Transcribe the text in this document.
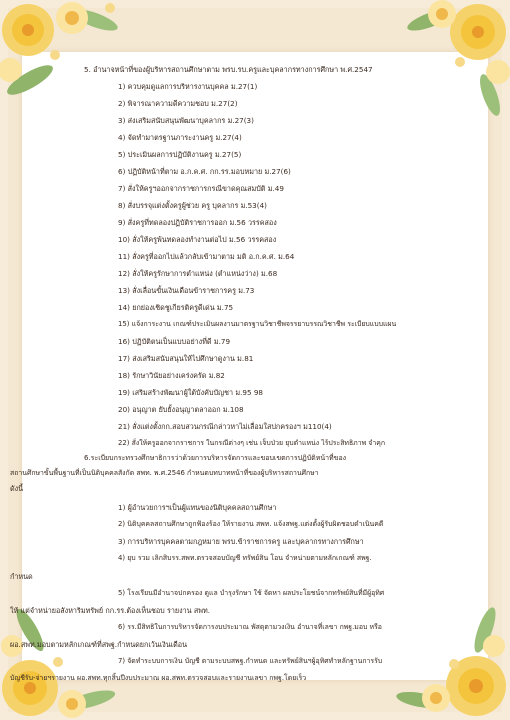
5. อำนาจหน้าที่ของผู้บริหารสถานศึกษาตาม พรบ.รบ.ครูและบุคลากรทางการศึกษา พ.ศ.2547
1) ควบคุมดูแลการบริหารงานบุคคล ม.27(1)
2) พิจารณาความดีความชอบ ม.27(2)
3) ส่งเสริมสนับสนุนพัฒนาบุคลากร ม.27(3)
4) จัดทำมาตรฐานภาระงานครู ม.27(4)
5) ประเมินผลการปฏิบัติงานครู ม.27(5)
6) ปฏิบัติหน้าที่ตาม อ.ก.ค.ศ. กก.รร.มอบหมาย ม.27(6)
7) สั่งให้ครูฯออกจากราชการกรณีขาดคุณสมบัติ ม.49
8) สั่งบรรจุแต่งตั้งครูผู้ช่วย ครู บุคลากร ม.53(4)
9) สั่งครูที่ทดลองปฏิบัติราชการออก ม.56 วรรคสอง
10) สั่งให้ครูพ้นทดลองทำงานต่อไป ม.56 วรรคสอง
11) สั่งครูที่ออกไปแล้วกลับเข้ามาตาม มติ อ.ก.ค.ศ. ม.64
12) สั่งให้ครูรักษาการตำแหน่ง (ตำแหน่งว่าง) ม.68
13) สั่งเลื่อนขั้นเงินเดือนข้าราชการครู ม.73
14) ยกย่องเชิดชูเกียรติครูดีเด่น ม.75
15) แจ้งการะงาน เกณฑ์ประเมินผลงานมาตรฐานวิชาชีพจรรยาบรรณวิชาชีพ ระเบียบแบบแผน
16) ปฏิบัติตนเป็นแบบอย่างที่ดี ม.79
17) ส่งเสริมสนับสนุนให้ไปศึกษาดูงาน ม.81
18) รักษาวินัยอย่างเคร่งครัด ม.82
19) เสริมสร้างพัฒนาผู้ใต้บังคับบัญชา ม.95 98
20) อนุญาต ยับยั้งอนุญาตลาออก ม.108
21) สั่งแต่งตั้งกก.สอบสวนกรณีกล่าวหาไม่เลื่อมใสปกครองฯ ม110(4)
22) สั่งให้ครูออกจากราชการ ในกรณีต่างๆ เช่น เจ็บป่วย ยุบตำแหน่ง ไร้ประสิทธิภาพ จำคุก
6.ระเบียบกระทรวงศึกษาธิการว่าด้วยการบริหารจัดการและขอบเขตการปฏิบัติหน้าที่ของ
สถานศึกษาขั้นพื้นฐานที่เป็นนิติบุคคลสังกัด สพท. พ.ศ.2546 กำหนดบทบาทหน้าที่ของผู้บริหารสถานศึกษา
ดังนี้
1) ผู้อำนวยการฯเป็นผู้แทนของนิติบุคคลสถานศึกษา
2) นิติบุคคลสถานศึกษาถูกฟ้องร้อง ให้รายงาน สพท. แจ้งสพฐ.แต่งตั้งผู้รับผิดชอบดำเนินคดี
3) การบริหารบุคคลตามกฎหมาย พรบ.ข้าราชการครู และบุคลากรทางการศึกษา
4) ยุบ รวม เลิกสิบรร.สพท.ตรวจสอบบัญชี ทรัพย์สิน โอน จำหน่ายตามหลักเกณฑ์ สพฐ.
กำหนด
5) โรงเรียนมีอำนาจปกครอง ดูแล บำรุงรักษา ใช้ จัดหา ผลประโยชน์จากทรัพย์สินที่มีผู้อุทิศ
ให้ แต่จำหน่ายอสังหาริมทรัพย์ กก.รร.ต้องเห็นชอบ รายงาน สพท.
6) รร.มีสิทธิในการบริหารจัดการงบประมาณ พัสดุตามวงเงิน อำนาจที่เลขา กพฐ.มอบ หรือ
ผอ.สพท.มอบตามหลักเกณฑ์ที่สพฐ.กำหนดยกเว้นเงินเดือน
7) จัดทำระบบการเงิน บัญชี ตามระบบสพฐ.กำหนด และทรัพย์สินฯผู้อุทิศทำหลักฐานการรับ
บัญชีรับ-จ่ายฯรายงาน ผอ.สพท.ทุกสิ้นปีงบประมาณ ผอ.สพท.ตรวจสอบและรายงานเลขา กพฐ.โดยเร็ว
